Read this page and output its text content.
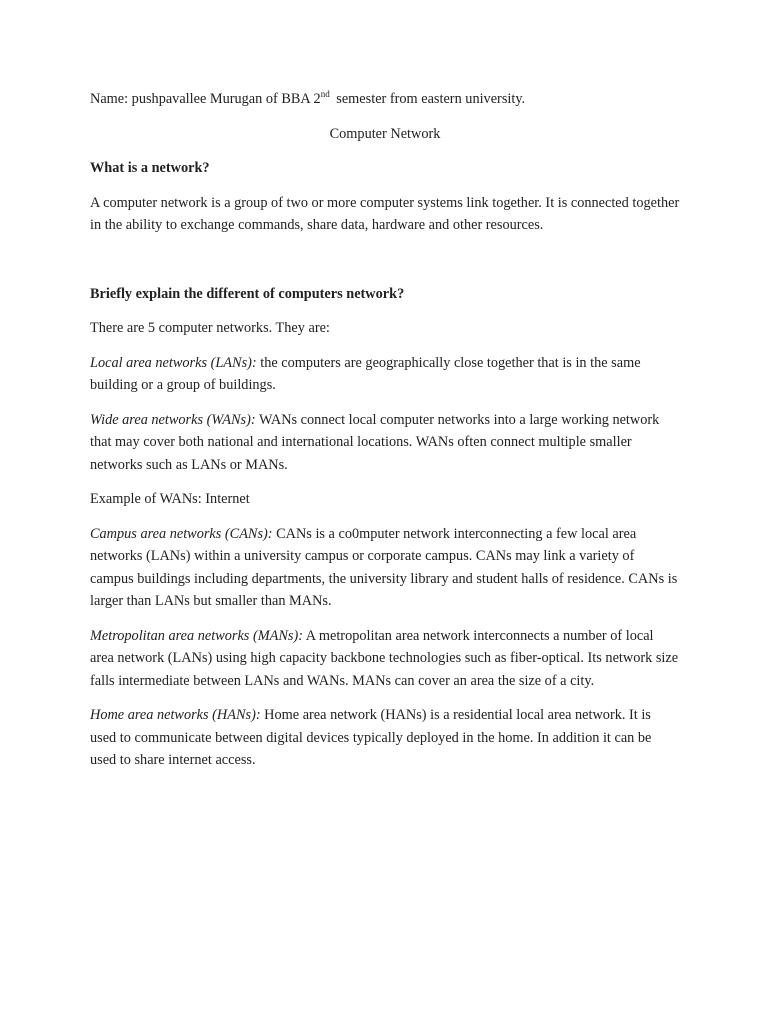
Name: pushpavallee Murugan of BBA 2nd semester from eastern university.

Computer Network

What is a network?

A computer network is a group of two or more computer systems link together. It is connected together in the ability to exchange commands, share data, hardware and other resources.

Briefly explain the different of computers network?

There are 5 computer networks. They are:

Local area networks (LANs): the computers are geographically close together that is in the same building or a group of buildings.

Wide area networks (WANs): WANs connect local computer networks into a large working network that may cover both national and international locations. WANs often connect multiple smaller networks such as LANs or MANs.

Example of WANs: Internet

Campus area networks (CANs): CANs is a co0mputer network interconnecting a few local area networks (LANs) within a university campus or corporate campus. CANs may link a variety of campus buildings including departments, the university library and student halls of residence. CANs is larger than LANs but smaller than MANs.

Metropolitan area networks (MANs): A metropolitan area network interconnects a number of local area network (LANs) using high capacity backbone technologies such as fiber-optical. Its network size falls intermediate between LANs and WANs. MANs can cover an area the size of a city.

Home area networks (HANs): Home area network (HANs) is a residential local area network. It is used to communicate between digital devices typically deployed in the home. In addition it can be used to share internet access.
